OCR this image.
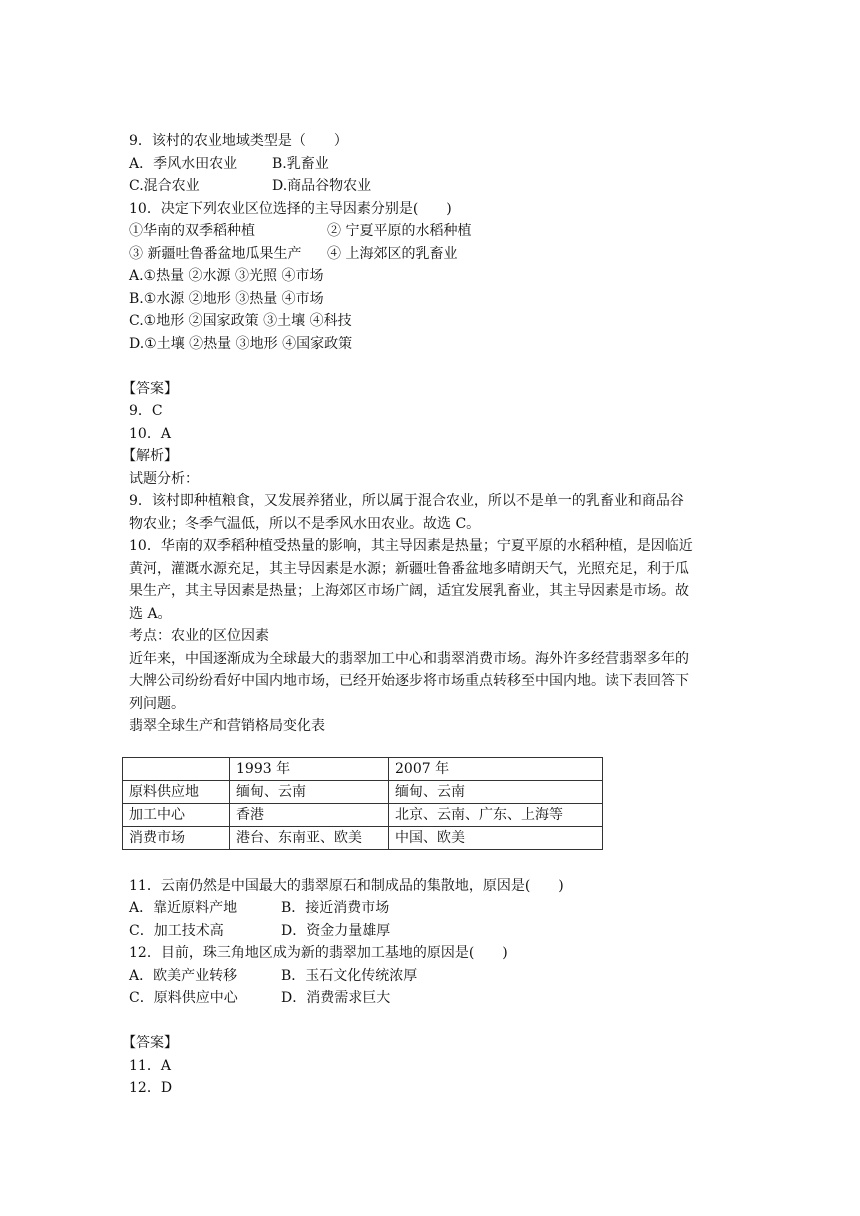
9．该村的农业地域类型是（　　）
A．季风水田农业 B.乳畜业
C.混合农业	D.商品谷物农业
10．决定下列农业区位选择的主导因素分别是(　　)
①华南的双季稻种植	② 宁夏平原的水稻种植
③ 新疆吐鲁番盆地瓜果生产 ④ 上海郊区的乳畜业
A.①热量 ②水源 ③光照 ④市场
B.①水源 ②地形 ③热量 ④市场
C.①地形 ②国家政策 ③土壤 ④科技
D.①土壤 ②热量 ③地形 ④国家政策
【答案】
9．C
10．A
【解析】
试题分析：
9．该村即种植粮食，又发展养猪业，所以属于混合农业，所以不是单一的乳畜业和商品谷
物农业；冬季气温低，所以不是季风水田农业。故选 C。
10．华南的双季稻种植受热量的影响，其主导因素是热量；宁夏平原的水稻种植，是因临近
黄河，灌溉水源充足，其主导因素是水源；新疆吐鲁番盆地多晴朗天气，光照充足，利于瓜
果生产，其主导因素是热量；上海郊区市场广阔，适宜发展乳畜业，其主导因素是市场。故
选 A。
考点：农业的区位因素
近年来，中国逐渐成为全球最大的翡翠加工中心和翡翠消费市场。海外许多经营翡翠多年的
大牌公司纷纷看好中国内地市场，已经开始逐步将市场重点转移至中国内地。读下表回答下
列问题。
翡翠全球生产和营销格局变化表
	1993 年	2007 年
原料供应地	缅甸、云南	缅甸、云南
加工中心	香港	北京、云南、广东、上海等
消费市场	港台、东南亚、欧美	中国、欧美
11．云南仍然是中国最大的翡翠原石和制成品的集散地，原因是(　　)
A．靠近原料产地	B．接近消费市场
C．加工技术高	D．资金力量雄厚
12．目前，珠三角地区成为新的翡翠加工基地的原因是(　　)
A．欧美产业转移	B．玉石文化传统浓厚
C．原料供应中心	D．消费需求巨大
【答案】
11．A
12．D
